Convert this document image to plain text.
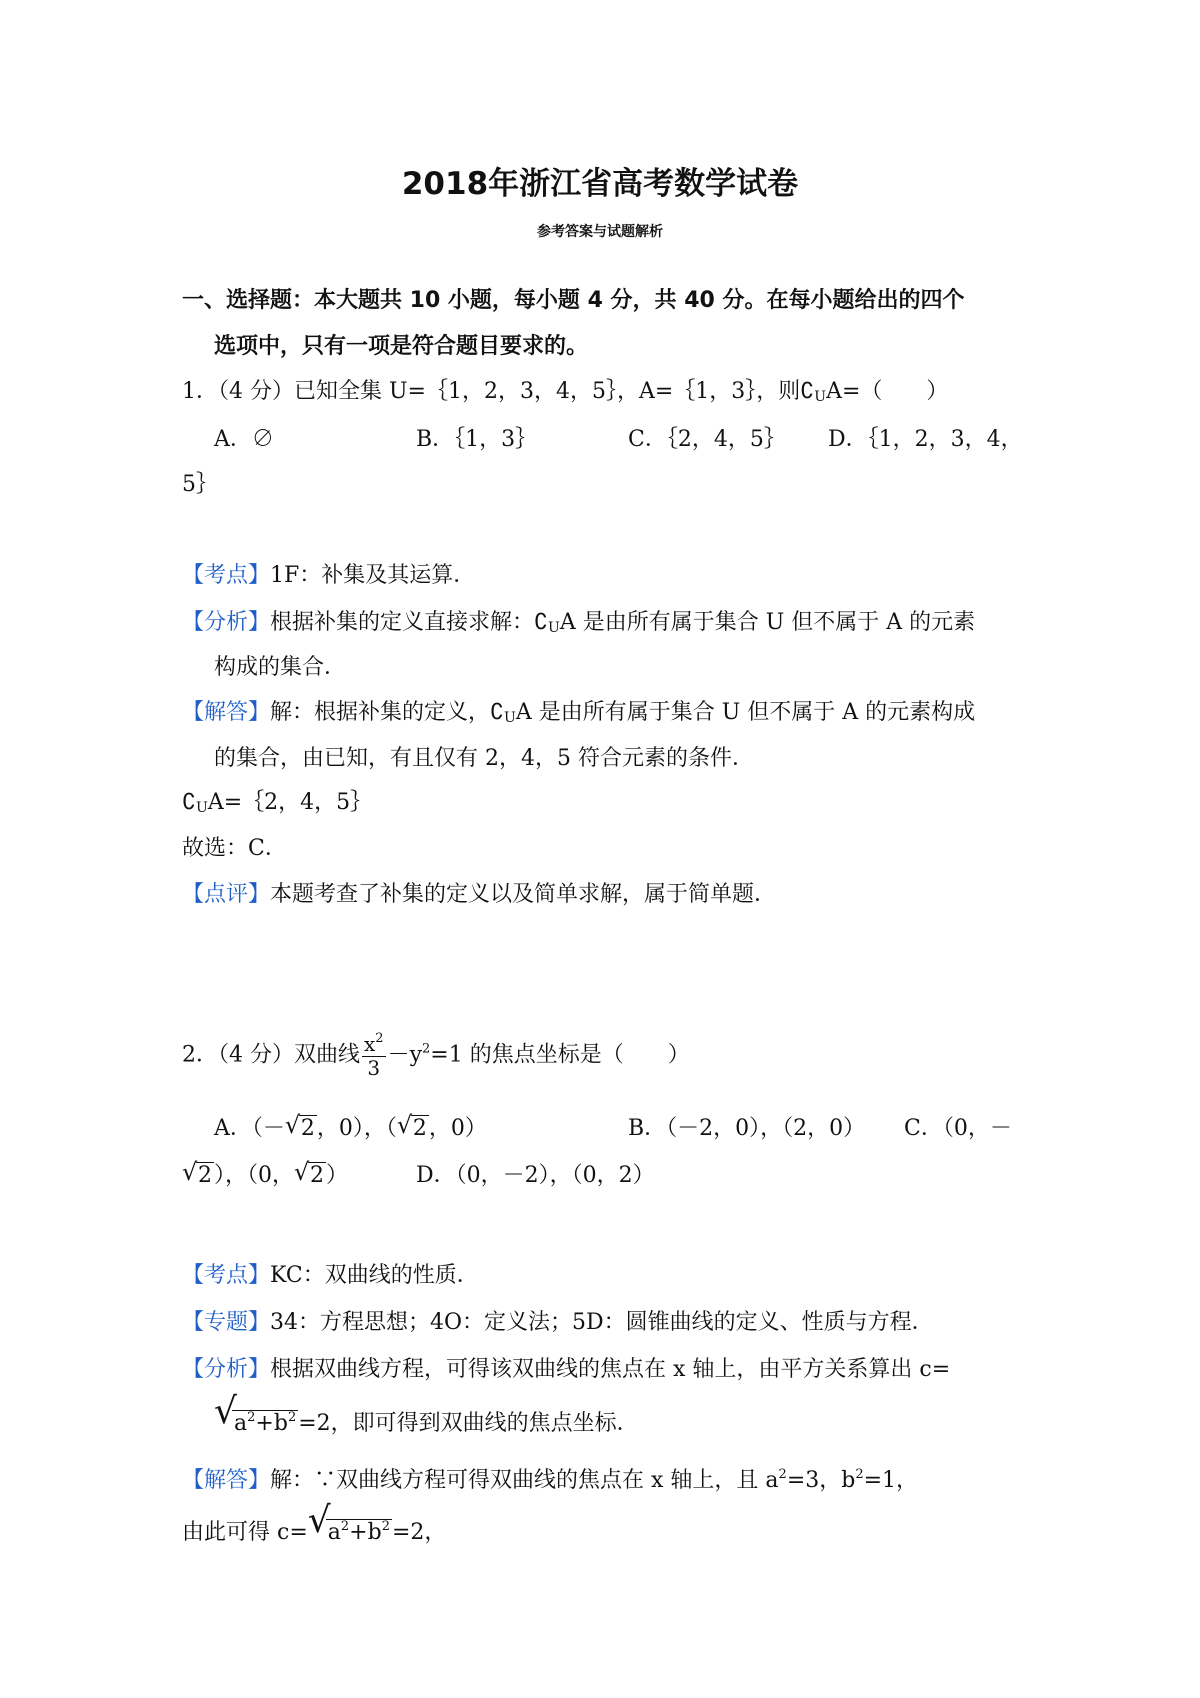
2018年浙江省高考数学试卷
参考答案与试题解析
一、选择题：本大题共 10 小题，每小题 4 分，共 40 分。在每小题给出的四个
选项中，只有一项是符合题目要求的。
1．（4 分）已知全集 U=｛1，2，3，4，5｝，A=｛1，3｝，则∁UA=（　　）
A．∅	B．｛1，3｝	C．｛2，4，5｝ D．｛1，2，3，4，
5｝
【考点】1F：补集及其运算．
【分析】根据补集的定义直接求解：∁UA 是由所有属于集合 U 但不属于 A 的元素
构成的集合．
【解答】解：根据补集的定义，∁UA 是由所有属于集合 U 但不属于 A 的元素构成
的集合，由已知，有且仅有 2，4，5 符合元素的条件．
∁UA=｛2，4，5｝
故选：C．
【点评】本题考查了补集的定义以及简单求解，属于简单题．
2．（4 分）双曲线 $\frac{x^2}{3} -y^2=1$ 的焦点坐标是（　　）
A．（－ √ 2，0），（ √ 2，0）	B．（－2，0），（2，0） C．（0，－
√ 2），（0， √ 2）	D．（0，－2），（0，2）
【考点】KC：双曲线的性质．
【专题】34：方程思想；4O：定义法；5D：圆锥曲线的定义、性质与方程．
【分析】根据双曲线方程，可得该双曲线的焦点在 x 轴上，由平方关系算出 c=
√
$a^2+b^2=2$，即可得到双曲线的焦点坐标．
【解答】解：∵双曲线方程可得双曲线的焦点在 x 轴上，且 $a^2=3$，$b^2=1$，
由此可得 c= √
$a^2+b^2=2$，
